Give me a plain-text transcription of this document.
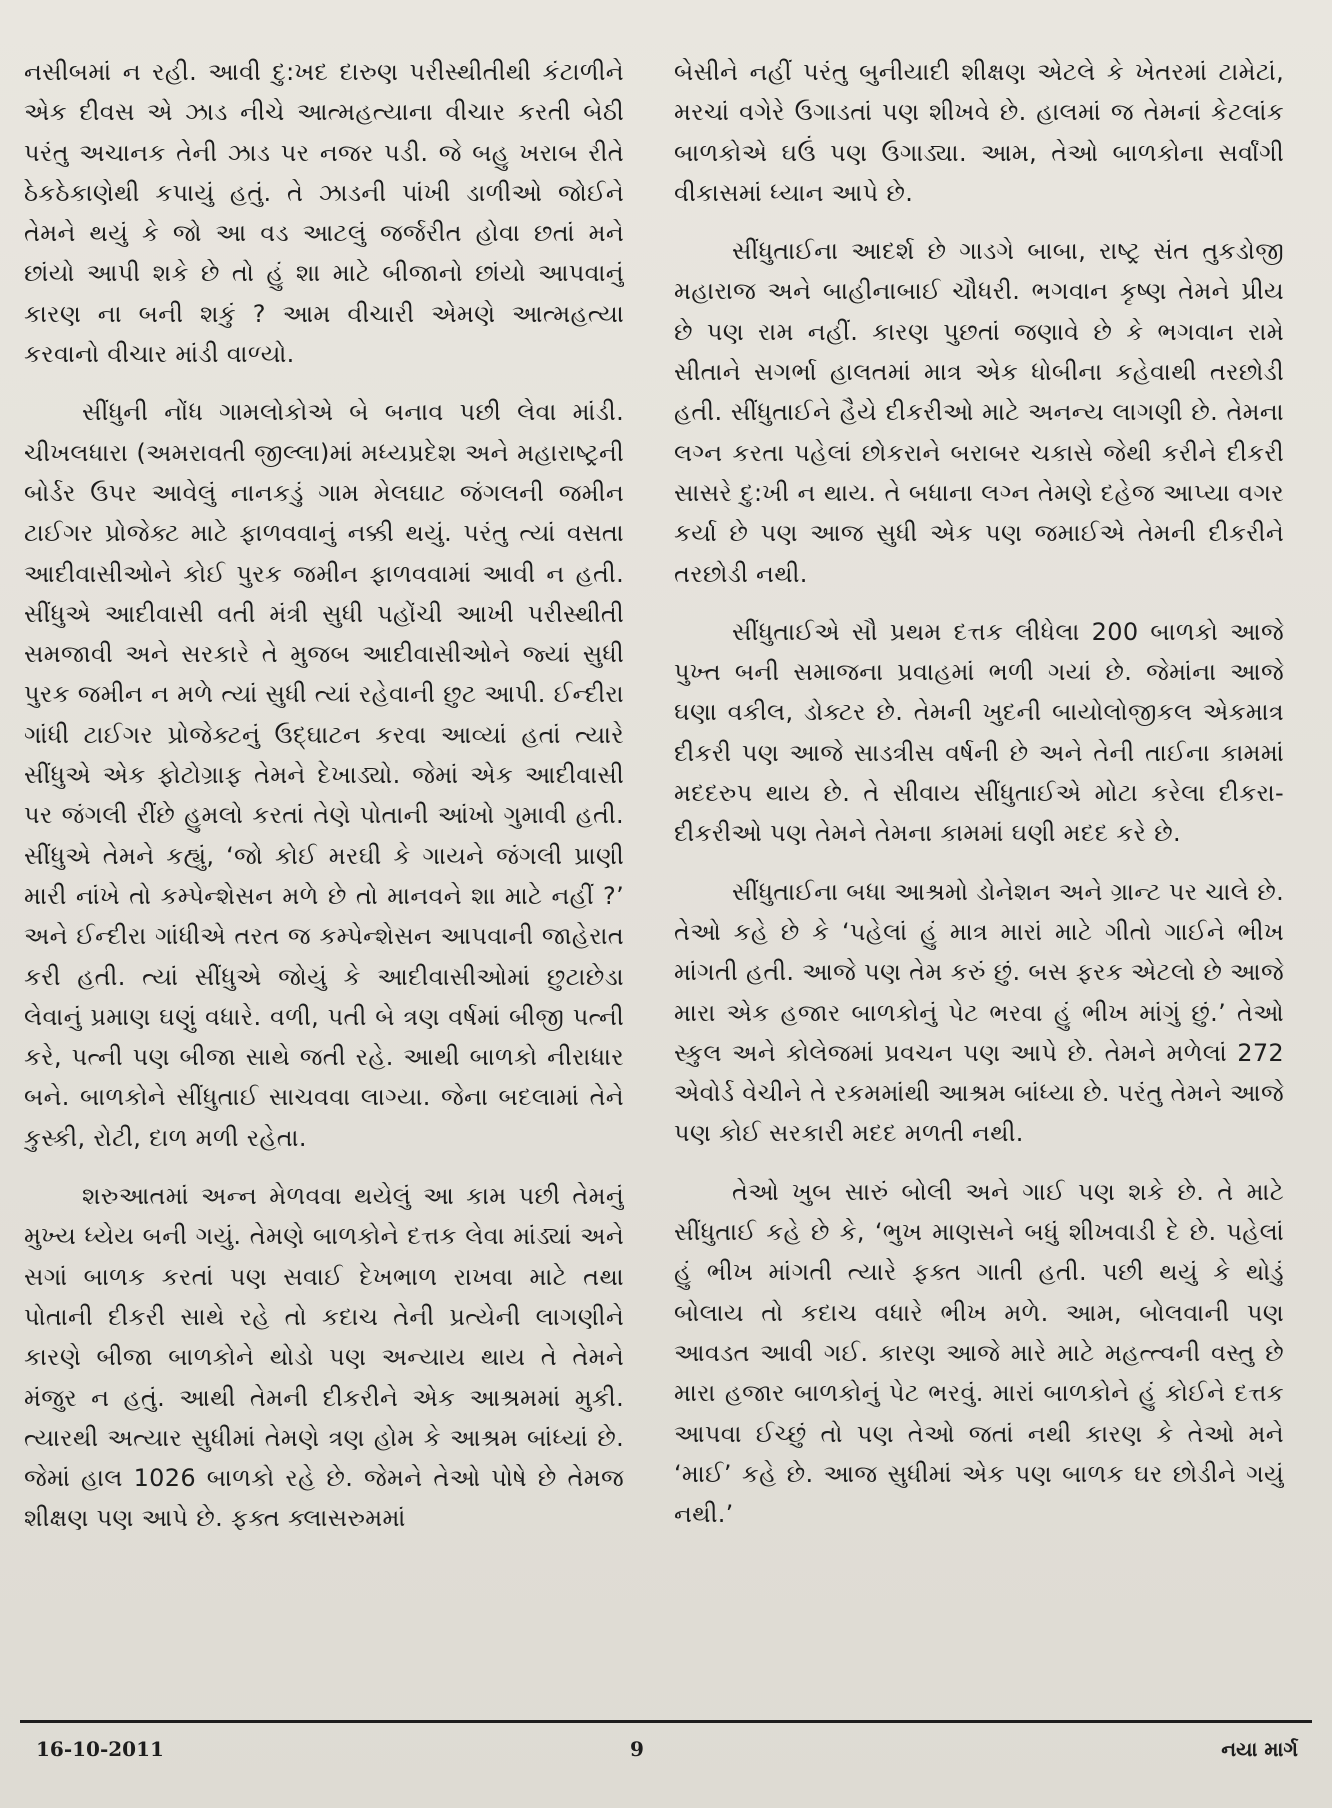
નસીબમાં ન રહી. આવી દુ:ખદ દારુણ પરીસ્થીતીથી કંટાળીને એક દીવસ એ ઝાડ નીચે આત્મહત્યાના વીચાર કરતી બેઠી પરંતુ અચાનક તેની ઝાડ પર નજર પડી. જે બહુ ખરાબ રીતે ઠેકઠેકાણેથી કપાયું હતું. તે ઝાડની પાંખી ડાળીઓ જોઈને તેમને થયું કે જો આ વડ આટલું જર્જરીત હોવા છતાં મને છાંયો આપી શકે છે તો હું શા માટે બીજાનો છાંયો આપવાનું કારણ ના બની શકું ? આમ વીચારી એમણે આત્મહત્યા કરવાનો વીચાર માંડી વાળ્યો.

સીંધુની નોંધ ગામલોકોએ બે બનાવ પછી લેવા માંડી. ચીખલધારા (અમરાવતી જીલ્લા)માં મધ્યપ્રદેશ અને મહારાષ્ટ્રની બોર્ડર ઉપર આવેલું નાનકડું ગામ મેલઘાટ જંગલની જમીન ટાઈગર પ્રોજેક્ટ માટે ફાળવવાનું નક્કી થયું. પરંતુ ત્યાં વસતા આદીવાસીઓને કોઈ પુરક જમીન ફાળવવામાં આવી ન હતી. સીંધુએ આદીવાસી વતી મંત્રી સુધી પહોંચી આખી પરીસ્થીતી સમજાવી અને સરકારે તે મુજબ આદીવાસીઓને જ્યાં સુધી પુરક જમીન ન મળે ત્યાં સુધી ત્યાં રહેવાની છુટ આપી. ઈન્દીરા ગાંધી ટાઈગર પ્રોજેક્ટનું ઉદ્ઘાટન કરવા આવ્યાં હતાં ત્યારે સીંધુએ એક ફોટોગ્રાફ તેમને દેખાડ્યો. જેમાં એક આદીવાસી પર જંગલી રીંછે હુમલો કરતાં તેણે પોતાની આંખો ગુમાવી હતી. સીંધુએ તેમને કહ્યું, ‘જો કોઈ મરઘી કે ગાયને જંગલી પ્રાણી મારી નાંખે તો કમ્પેન્શેસન મળે છે તો માનવને શા માટે નહીં ?’ અને ઈન્દીરા ગાંધીએ તરત જ કમ્પેન્શેસન આપવાની જાહેરાત કરી હતી. ત્યાં સીંધુએ જોયું કે આદીવાસીઓમાં છુટાછેડા લેવાનું પ્રમાણ ઘણું વધારે. વળી, પતી બે ત્રણ વર્ષમાં બીજી પત્ની કરે, પત્ની પણ બીજા સાથે જતી રહે. આથી બાળકો નીરાધાર બને. બાળકોને સીંધુતાઈ સાચવવા લાગ્યા. જેના બદલામાં તેને કુસ્કી, રોટી, દાળ મળી રહેતા.

શરુઆતમાં અન્ન મેળવવા થયેલું આ કામ પછી તેમનું મુખ્ય ધ્યેય બની ગયું. તેમણે બાળકોને દત્તક લેવા માંડ્યાં અને સગાં બાળક કરતાં પણ સવાઈ દેખભાળ રાખવા માટે તથા પોતાની દીકરી સાથે રહે તો કદાચ તેની પ્રત્યેની લાગણીને કારણે બીજા બાળકોને થોડો પણ અન્યાય થાય તે તેમને મંજુર ન હતું. આથી તેમની દીકરીને એક આશ્રમમાં મુકી. ત્યારથી અત્યાર સુધીમાં તેમણે ત્રણ હોમ કે આશ્રમ બાંધ્યાં છે. જેમાં હાલ 1026 બાળકો રહે છે. જેમને તેઓ પોષે છે તેમજ શીક્ષણ પણ આપે છે. ફક્ત ક્લાસરુમમાં

બેસીને નહીં પરંતુ બુનીયાદી શીક્ષણ એટલે કે ખેતરમાં ટામેટાં, મરચાં વગેરે ઉગાડતાં પણ શીખવે છે. હાલમાં જ તેમનાં કેટલાંક બાળકોએ ઘઉં પણ ઉગાડ્યા. આમ, તેઓ બાળકોના સર્વાંગી વીકાસમાં ધ્યાન આપે છે.

સીંધુતાઈના આદર્શ છે ગાડગે બાબા, રાષ્ટ્ર સંત તુકડોજી મહારાજ અને બાહીનાબાઈ ચૌધરી. ભગવાન કૃષ્ણ તેમને પ્રીય છે પણ રામ નહીં. કારણ પુછતાં જણાવે છે કે ભગવાન રામે સીતાને સગર્ભા હાલતમાં માત્ર એક ધોબીના કહેવાથી તરછોડી હતી. સીંધુતાઈને હૈયે દીકરીઓ માટે અનન્ય લાગણી છે. તેમના લગ્ન કરતા પહેલાં છોકરાને બરાબર ચકાસે જેથી કરીને દીકરી સાસરે દુ:ખી ન થાય. તે બધાના લગ્ન તેમણે દહેજ આપ્યા વગર કર્યા છે પણ આજ સુધી એક પણ જમાઈએ તેમની દીકરીને તરછોડી નથી.

સીંધુતાઈએ સૌ પ્રથમ દત્તક લીધેલા 200 બાળકો આજે પુખ્ત બની સમાજના પ્રવાહમાં ભળી ગયાં છે. જેમાંના આજે ઘણા વકીલ, ડોક્ટર છે. તેમની ખુદની બાયોલોજીકલ એકમાત્ર દીકરી પણ આજે સાડત્રીસ વર્ષની છે અને તેની તાઈના કામમાં મદદરુપ થાય છે. તે સીવાય સીંધુતાઈએ મોટા કરેલા દીકરા-દીકરીઓ પણ તેમને તેમના કામમાં ઘણી મદદ કરે છે.

સીંધુતાઈના બધા આશ્રમો ડોનેશન અને ગ્રાન્ટ પર ચાલે છે. તેઓ કહે છે કે ‘પહેલાં હું માત્ર મારાં માટે ગીતો ગાઈને ભીખ માંગતી હતી. આજે પણ તેમ કરું છું. બસ ફરક એટલો છે આજે મારા એક હજાર બાળકોનું પેટ ભરવા હું ભીખ માંગું છું.’ તેઓ સ્કુલ અને કોલેજમાં પ્રવચન પણ આપે છે. તેમને મળેલાં 272 એવોર્ડ વેચીને તે રકમમાંથી આશ્રમ બાંધ્યા છે. પરંતુ તેમને આજે પણ કોઈ સરકારી મદદ મળતી નથી.

તેઓ ખુબ સારું બોલી અને ગાઈ પણ શકે છે. તે માટે સીંધુતાઈ કહે છે કે, ‘ભુખ માણસને બધું શીખવાડી દે છે. પહેલાં હું ભીખ માંગતી ત્યારે ફક્ત ગાતી હતી. પછી થયું કે થોડું બોલાય તો કદાચ વધારે ભીખ મળે. આમ, બોલવાની પણ આવડત આવી ગઈ. કારણ આજે મારે માટે મહત્ત્વની વસ્તુ છે મારા હજાર બાળકોનું પેટ ભરવું. મારાં બાળકોને હું કોઈને દત્તક આપવા ઈચ્છું તો પણ તેઓ જતાં નથી કારણ કે તેઓ મને ‘માઈ’ કહે છે. આજ સુધીમાં એક પણ બાળક ઘર છોડીને ગયું નથી.’

16-10-2011	9	નયા માર્ગ
